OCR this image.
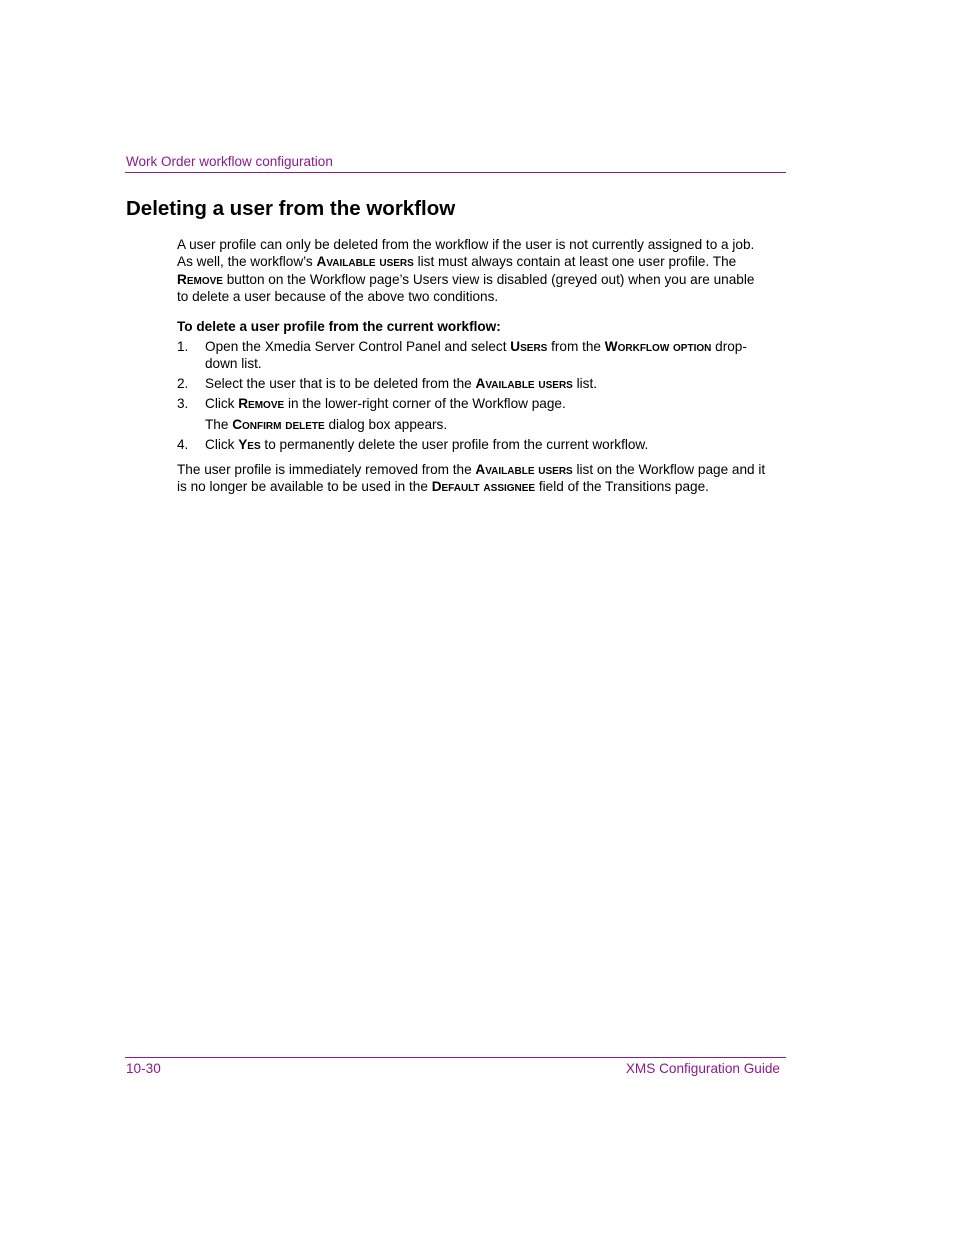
Work Order workflow configuration
Deleting a user from the workflow
A user profile can only be deleted from the workflow if the user is not currently assigned to a job. As well, the workflow’s Available users list must always contain at least one user profile. The Remove button on the Workflow page’s Users view is disabled (greyed out) when you are unable to delete a user because of the above two conditions.
To delete a user profile from the current workflow:
1. Open the Xmedia Server Control Panel and select Users from the Workflow option drop-down list.
2. Select the user that is to be deleted from the Available users list.
3. Click Remove in the lower-right corner of the Workflow page.
The Confirm delete dialog box appears.
4. Click Yes to permanently delete the user profile from the current workflow.
The user profile is immediately removed from the Available users list on the Workflow page and it is no longer be available to be used in the Default assignee field of the Transitions page.
10-30	XMS Configuration Guide
